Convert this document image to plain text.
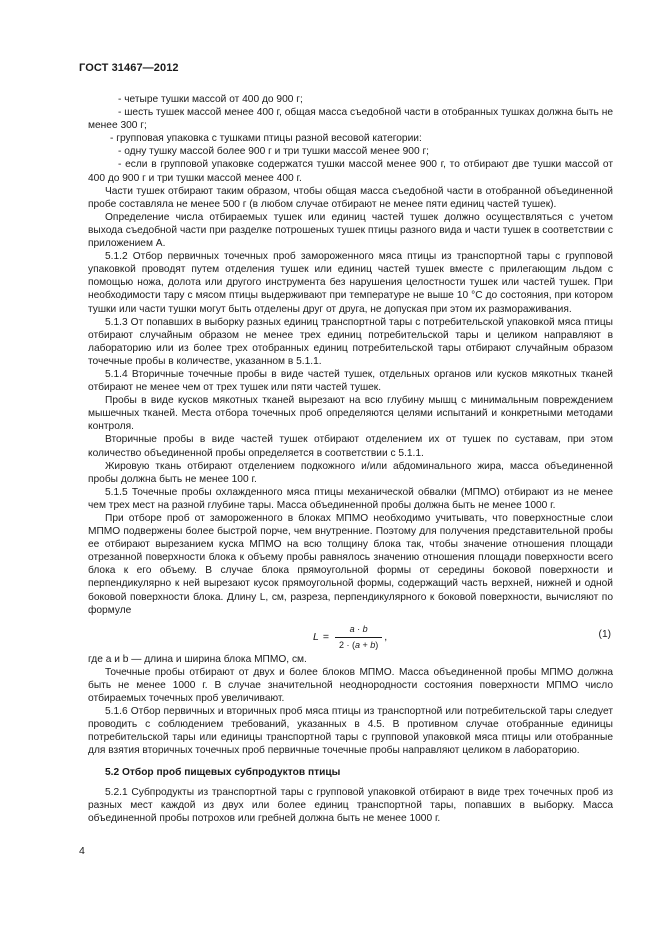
ГОСТ 31467—2012

- четыре тушки массой от 400 до 900 г;

- шесть тушек массой менее 400 г, общая масса съедобной части в отобранных тушках должна быть не менее 300 г;

- групповая упаковка с тушками птицы разной весовой категории:

- одну тушку массой более 900 г и три тушки массой менее 900 г;

- если в групповой упаковке содержатся тушки массой менее 900 г, то отбирают две тушки массой от 400 до 900 г и три тушки массой менее 400 г.

Части тушек отбирают таким образом, чтобы общая масса съедобной части в отобранной объединенной пробе составляла не менее 500 г (в любом случае отбирают не менее пяти единиц частей тушек).

Определение числа отбираемых тушек или единиц частей тушек должно осуществляться с учетом выхода съедобной части при разделке потрошеных тушек птицы разного вида и части тушек в соответствии с приложением А.

5.1.2 Отбор первичных точечных проб замороженного мяса птицы из транспортной тары с групповой упаковкой проводят путем отделения тушек или единиц частей тушек вместе с прилегающим льдом с помощью ножа, долота или другого инструмента без нарушения целостности тушек или частей тушек. При необходимости тару с мясом птицы выдерживают при температуре не выше 10 °С до состояния, при котором тушки или части тушки могут быть отделены друг от друга, не допуская при этом их размораживания.

5.1.3 От попавших в выборку разных единиц транспортной тары с потребительской упаковкой мяса птицы отбирают случайным образом не менее трех единиц потребительской тары и целиком направляют в лабораторию или из более трех отобранных единиц потребительской тары отбирают случайным образом точечные пробы в количестве, указанном в 5.1.1.

5.1.4 Вторичные точечные пробы в виде частей тушек, отдельных органов или кусков мякотных тканей отбирают не менее чем от трех тушек или пяти частей тушек.

Пробы в виде кусков мякотных тканей вырезают на всю глубину мышц с минимальным повреждением мышечных тканей. Места отбора точечных проб определяются целями испытаний и конкретными методами контроля.

Вторичные пробы в виде частей тушек отбирают отделением их от тушек по суставам, при этом количество объединенной пробы определяется в соответствии с 5.1.1.

Жировую ткань отбирают отделением подкожного и/или абдоминального жира, масса объединенной пробы должна быть не менее 100 г.

5.1.5 Точечные пробы охлажденного мяса птицы механической обвалки (МПМО) отбирают из не менее чем трех мест на разной глубине тары. Масса объединенной пробы должна быть не менее 1000 г.

При отборе проб от замороженного в блоках МПМО необходимо учитывать, что поверхностные слои МПМО подвержены более быстрой порче, чем внутренние. Поэтому для получения представительной пробы ее отбирают вырезанием куска МПМО на всю толщину блока так, чтобы значение отношения площади отрезанной поверхности блока к объему пробы равнялось значению отношения площади поверхности всего блока к его объему. В случае блока прямоугольной формы от середины боковой поверхности и перпендикулярно к ней вырезают кусок прямоугольной формы, содержащий часть верхней, нижней и одной боковой поверхности блока. Длину L, см, разреза, перпендикулярного к боковой поверхности, вычисляют по формуле

$L = \frac{a \cdot b}{2 \cdot (a + b)}$ ,	(1)

где a и b — длина и ширина блока МПМО, см.

Точечные пробы отбирают от двух и более блоков МПМО. Масса объединенной пробы МПМО должна быть не менее 1000 г. В случае значительной неоднородности состояния поверхности МПМО число отбираемых точечных проб увеличивают.

5.1.6 Отбор первичных и вторичных проб мяса птицы из транспортной или потребительской тары следует проводить с соблюдением требований, указанных в 4.5. В противном случае отобранные единицы потребительской тары или единицы транспортной тары с групповой упаковкой мяса птицы или отобранные для взятия вторичных точечных проб первичные точечные пробы направляют целиком в лабораторию.

5.2 Отбор проб пищевых субпродуктов птицы

5.2.1 Субпродукты из транспортной тары с групповой упаковкой отбирают в виде трех точечных проб из разных мест каждой из двух или более единиц транспортной тары, попавших в выборку. Масса объединенной пробы потрохов или гребней должна быть не менее 1000 г.

4
